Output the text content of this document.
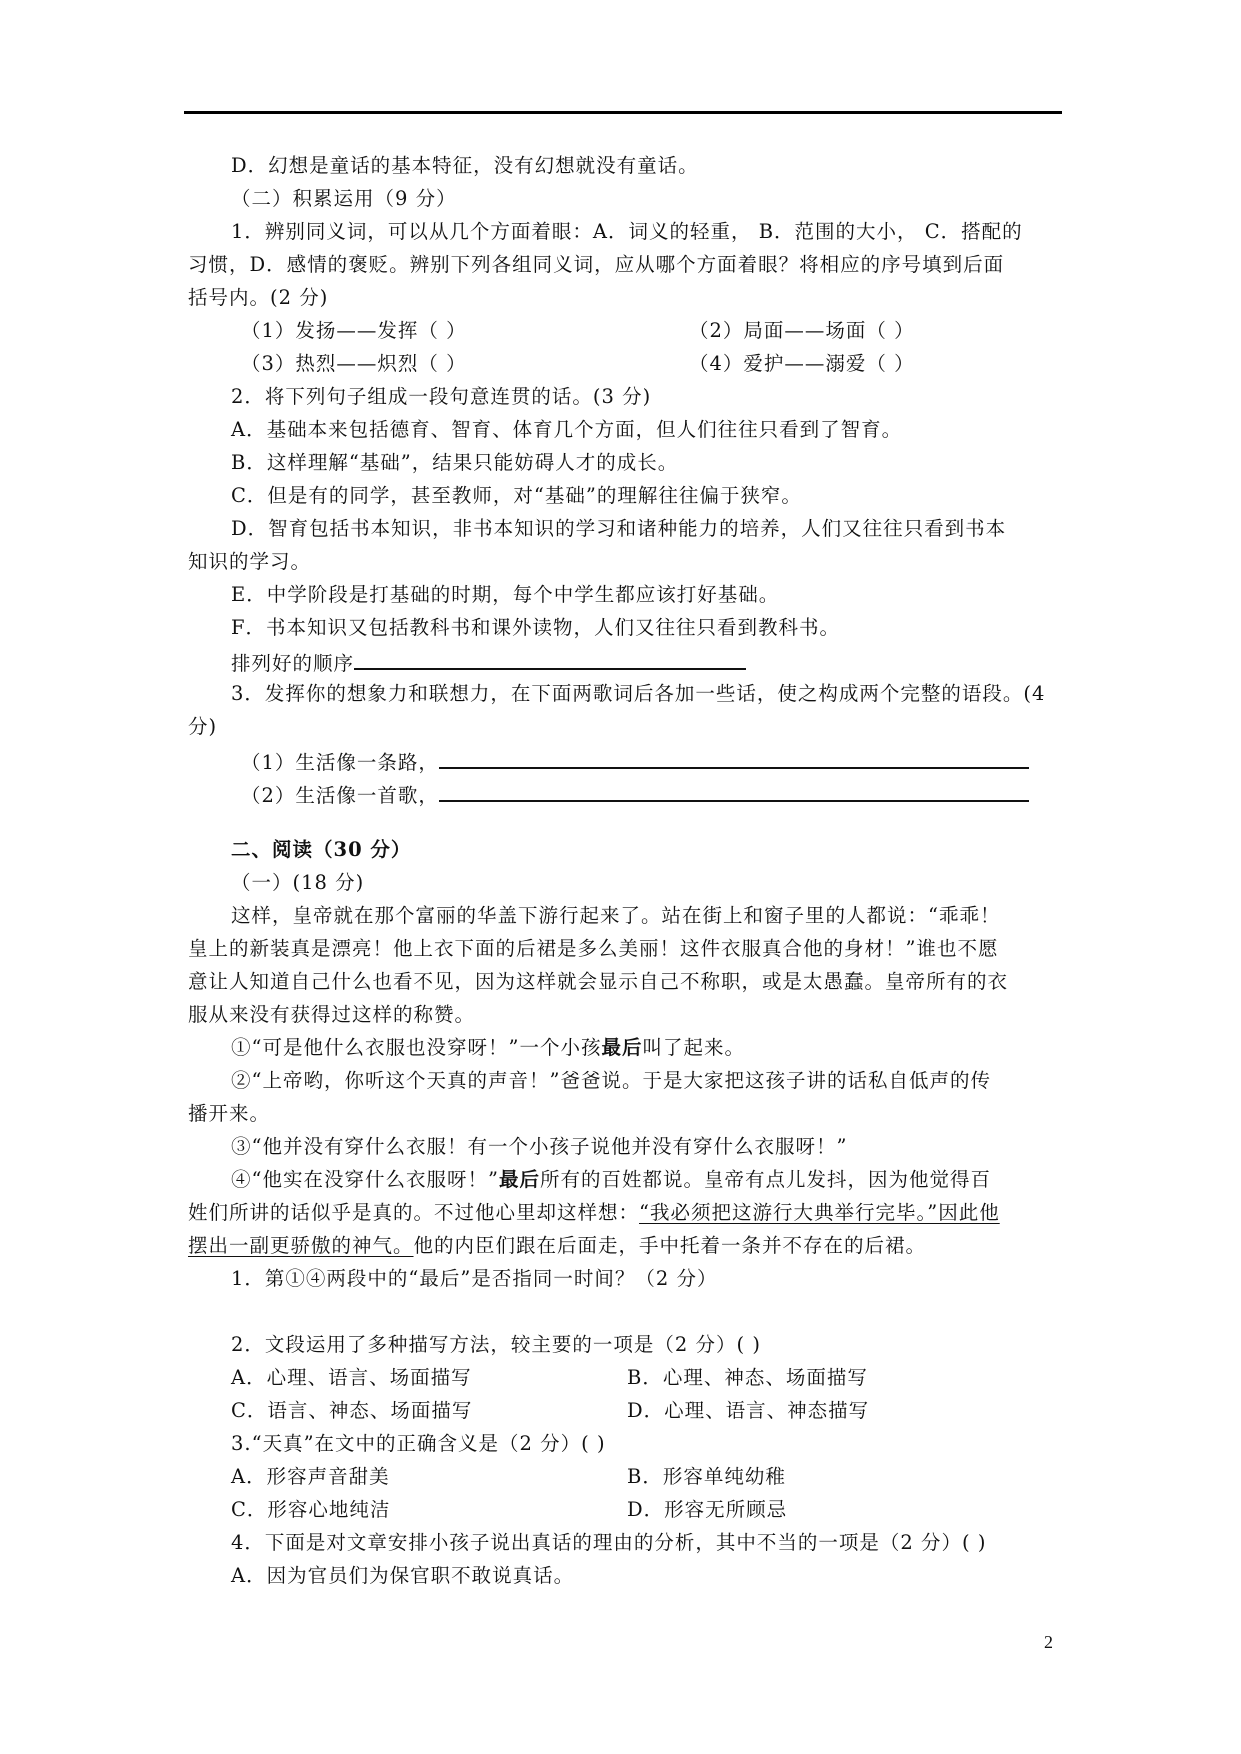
D．幻想是童话的基本特征，没有幻想就没有童话。
（二）积累运用（9 分）
1．辨别同义词，可以从几个方面着眼：A．词义的轻重， B．范围的大小， C．搭配的
习惯，D．感情的褒贬。辨别下列各组同义词，应从哪个方面着眼？将相应的序号填到后面
括号内。(2 分)
（1）发扬——发挥（ ）	（2）局面——场面（ ）
（3）热烈——炽烈（ ）	（4）爱护——溺爱（ ）
2．将下列句子组成一段句意连贯的话。(3 分)
A．基础本来包括德育、智育、体育几个方面，但人们往往只看到了智育。
B．这样理解“基础”，结果只能妨碍人才的成长。
C．但是有的同学，甚至教师，对“基础”的理解往往偏于狭窄。
D．智育包括书本知识，非书本知识的学习和诸种能力的培养，人们又往往只看到书本
知识的学习。
E．中学阶段是打基础的时期，每个中学生都应该打好基础。
F．书本知识又包括教科书和课外读物，人们又往往只看到教科书。
排列好的顺序
3．发挥你的想象力和联想力，在下面两歌词后各加一些话，使之构成两个完整的语段。(4
分)
（1）生活像一条路，
（2）生活像一首歌，
二、阅读（30 分）
（一）(18 分)
这样，皇帝就在那个富丽的华盖下游行起来了。站在街上和窗子里的人都说：“乖乖！
皇上的新装真是漂亮！他上衣下面的后裙是多么美丽！这件衣服真合他的身材！”谁也不愿
意让人知道自己什么也看不见，因为这样就会显示自己不称职，或是太愚蠢。皇帝所有的衣
服从来没有获得过这样的称赞。
①“可是他什么衣服也没穿呀！”一个小孩最后叫了起来。
②“上帝哟，你听这个天真的声音！”爸爸说。于是大家把这孩子讲的话私自低声的传
播开来。
③“他并没有穿什么衣服！有一个小孩子说他并没有穿什么衣服呀！”
④“他实在没穿什么衣服呀！”最后所有的百姓都说。皇帝有点儿发抖，因为他觉得百
姓们所讲的话似乎是真的。不过他心里却这样想：“我必须把这游行大典举行完毕。”因此他
摆出一副更骄傲的神气。他的内臣们跟在后面走，手中托着一条并不存在的后裙。
1．第①④两段中的“最后”是否指同一时间？（2 分）
2．文段运用了多种描写方法，较主要的一项是（2 分）( )
A．心理、语言、场面描写	B．心理、神态、场面描写
C．语言、神态、场面描写	D．心理、语言、神态描写
3.“天真”在文中的正确含义是（2 分）( )
A．形容声音甜美	B．形容单纯幼稚
C．形容心地纯洁	D．形容无所顾忌
4．下面是对文章安排小孩子说出真话的理由的分析，其中不当的一项是（2 分）( )
A．因为官员们为保官职不敢说真话。
2
